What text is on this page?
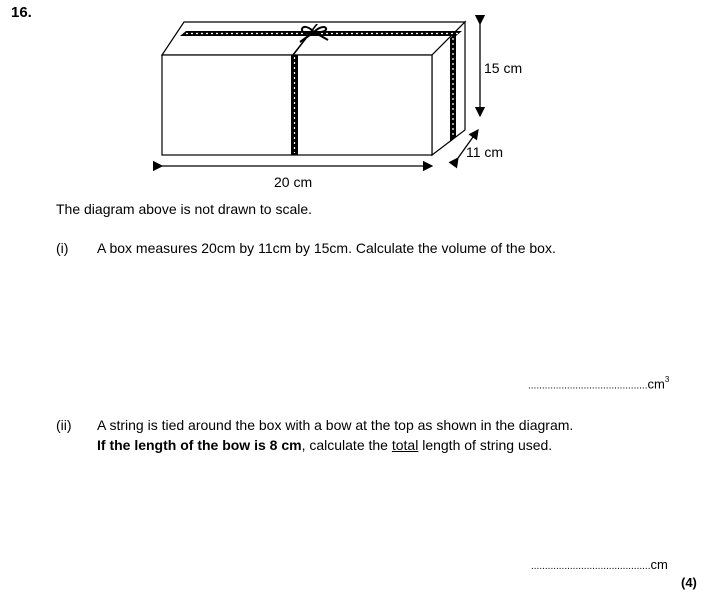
16.
15 cm
11 cm
20 cm
The diagram above is not drawn to scale.
(i) A box measures 20cm by 11cm by 15cm. Calculate the volume of the box.
$...........................................cm^3$
(ii) A string is tied around the box with a bow at the top as shown in the diagram.
If the length of the bow is 8 cm, calculate the total length of string used.
...........................................cm
(4)
